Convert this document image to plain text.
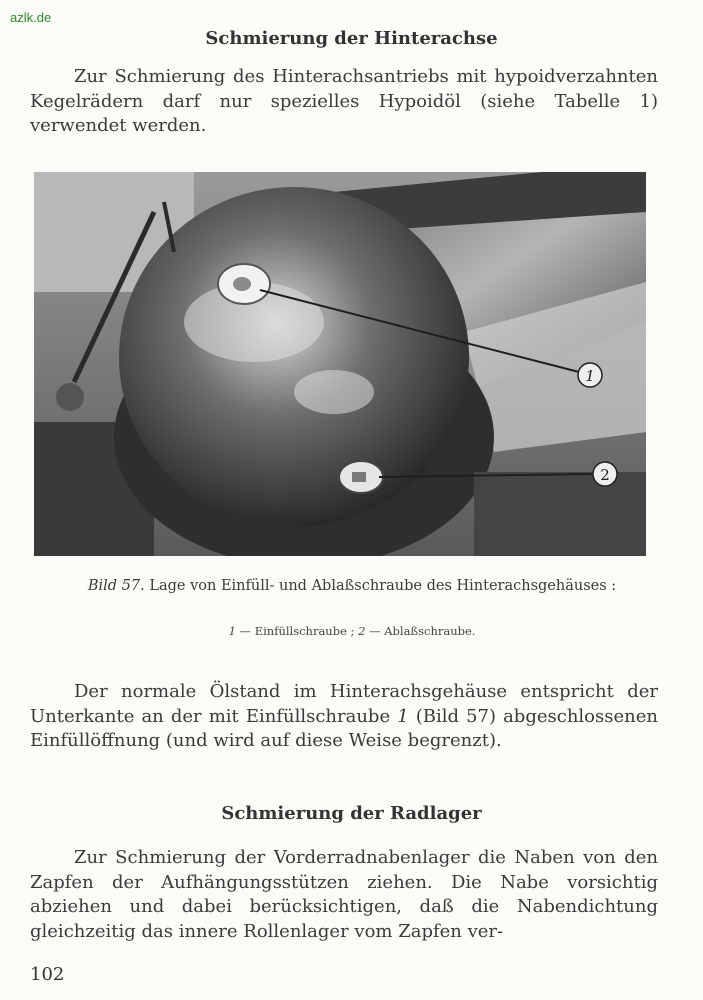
azlk.de
Schmierung der Hinterachse
Zur Schmierung des Hinterachsantriebs mit hypoidverzahnten Kegelrädern darf nur spezielles Hypoidöl (siehe Tabelle 1) verwendet werden.
1
2
Bild 57. Lage von Einfüll- und Ablaßschraube des Hinterachsgehäuses :
1 — Einfüllschraube ; 2 — Ablaßschraube.
Der normale Ölstand im Hinterachsgehäuse entspricht der Unterkante an der mit Einfüllschraube 1 (Bild 57) abgeschlossenen Einfüllöffnung (und wird auf diese Weise begrenzt).
Schmierung der Radlager
Zur Schmierung der Vorderradnabenlager die Naben von den Zapfen der Aufhängungsstützen ziehen. Die Nabe vorsichtig abziehen und dabei berücksichtigen, daß die Nabendichtung gleichzeitig das innere Rollenlager vom Zapfen ver-
102
